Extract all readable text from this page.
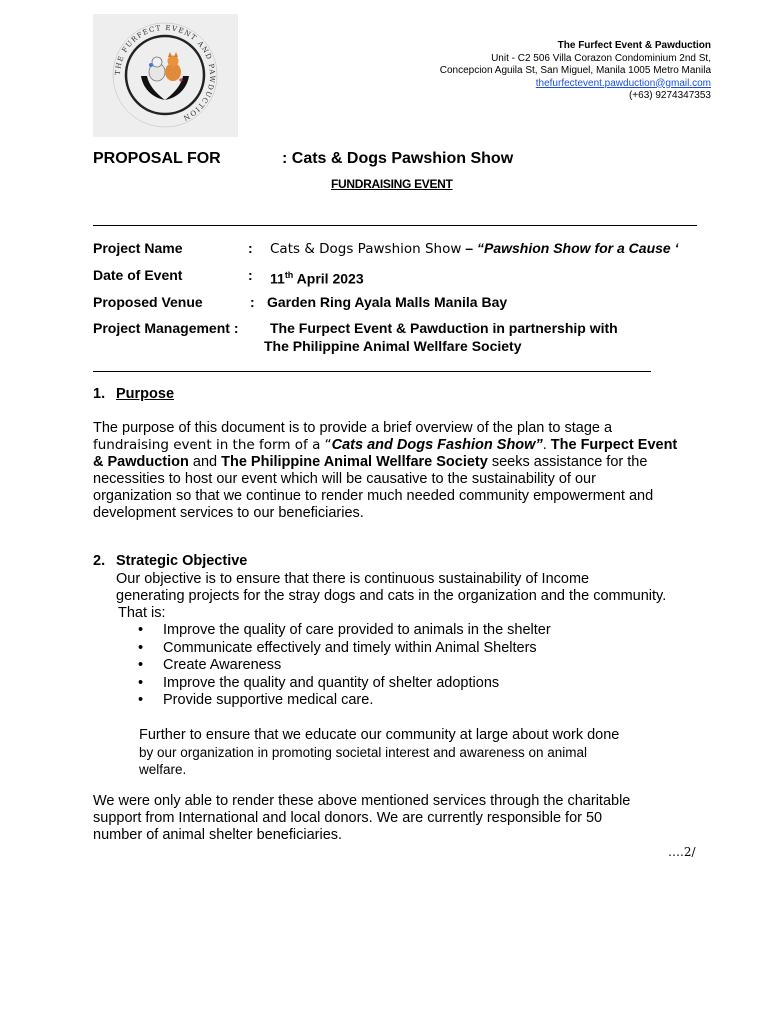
THE FURFECT EVENT AND PAWDUCTION
The Furfect Event & Pawduction
Unit - C2 506 Villa Corazon Condominium 2nd St,
Concepcion Aguila St, San Miguel, Manila 1005 Metro Manila
thefurfectevent.pawduction@gmail.com
(+63) 9274347353
PROPOSAL FOR	: Cats & Dogs Pawshion Show
FUNDRAISING EVENT
Project Name	: Cats & Dogs Pawshion Show – “Pawshion Show for a Cause ‘
Date of Event	: 11th April 2023
Proposed Venue	: Garden Ring Ayala Malls Manila Bay
Project Management : The Furpect Event & Pawduction in partnership with
The Philippine Animal Wellfare Society
1. Purpose
The purpose of this document is to provide a brief overview of the plan to stage a
fundraising event in the form of a “Cats and Dogs Fashion Show”. The Furpect Event
& Pawduction and The Philippine Animal Wellfare Society seeks assistance for the
necessities to host our event which will be causative to the sustainability of our
organization so that we continue to render much needed community empowerment and
development services to our beneficiaries.
2. Strategic Objective
Our objective is to ensure that there is continuous sustainability of Income
generating projects for the stray dogs and cats in the organization and the community.
That is:
• Improve the quality of care provided to animals in the shelter
• Communicate effectively and timely within Animal Shelters
• Create Awareness
• Improve the quality and quantity of shelter adoptions
• Provide supportive medical care.
Further to ensure that we educate our community at large about work done
by our organization in promoting societal interest and awareness on animal
welfare.
We were only able to render these above mentioned services through the charitable
support from International and local donors. We are currently responsible for 50
number of animal shelter beneficiaries.
….2/
